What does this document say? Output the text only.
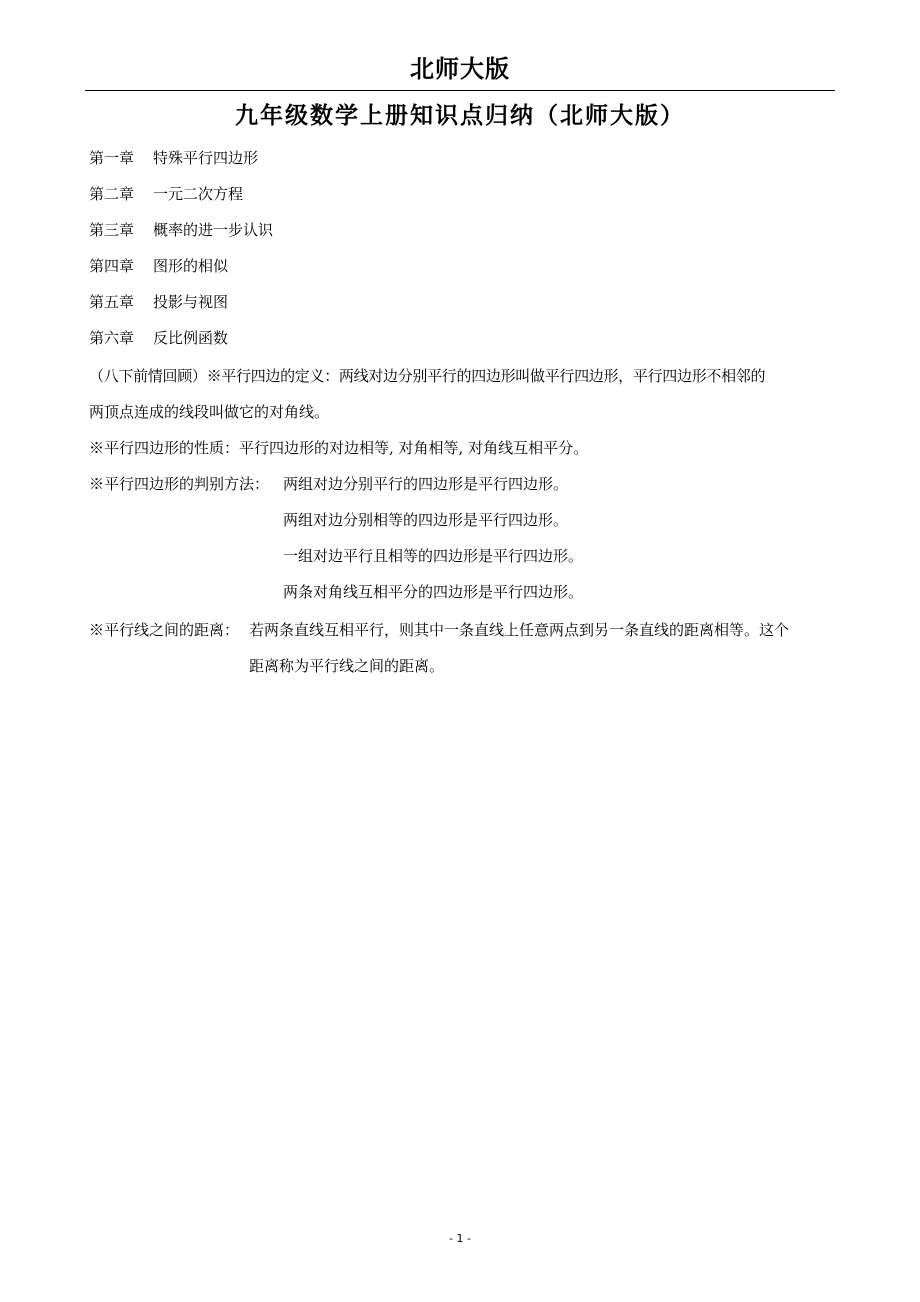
北师大版
九年级数学上册知识点归纳（北师大版）
第一章 特殊平行四边形
第二章 一元二次方程
第三章 概率的进一步认识
第四章 图形的相似
第五章 投影与视图
第六章 反比例函数
（八下前情回顾）※平行四边的定义：两线对边分别平行的四边形叫做平行四边形，平行四边形不相邻的
两顶点连成的线段叫做它的对角线。
※平行四边形的性质：平行四边形的对边相等, 对角相等, 对角线互相平分。
※平行四边形的判别方法： 两组对边分别平行的四边形是平行四边形。
两组对边分别相等的四边形是平行四边形。
一组对边平行且相等的四边形是平行四边形。
两条对角线互相平分的四边形是平行四边形。
※平行线之间的距离： 若两条直线互相平行，则其中一条直线上任意两点到另一条直线的距离相等。这个
距离称为平行线之间的距离。
- 1 -
